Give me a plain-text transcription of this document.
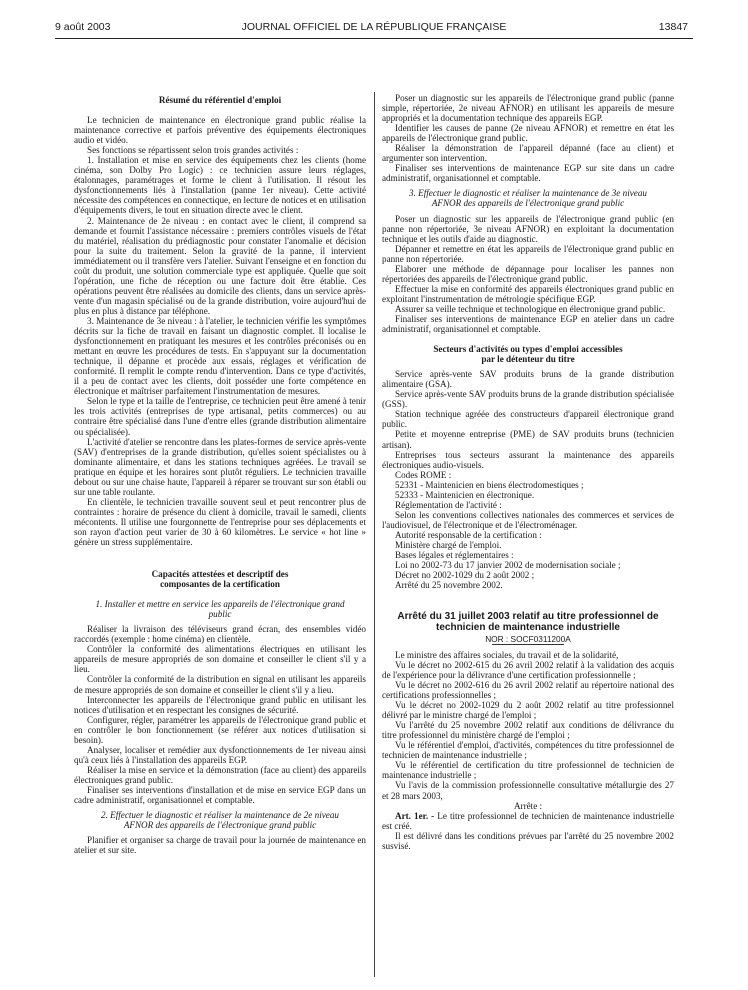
9 août 2003	JOURNAL OFFICIEL DE LA RÉPUBLIQUE FRANÇAISE	13847
Résumé du référentiel d'emploi

Le technicien de maintenance en électronique grand public réalise la maintenance corrective et parfois préventive des équipements électroniques audio et vidéo.

Ses fonctions se répartissent selon trois grandes activités :

1. Installation et mise en service des équipements chez les clients (home cinéma, son Dolby Pro Logic) : ce technicien assure leurs réglages, étalonnages, paramétrages et forme le client à l'utilisation. Il résout les dysfonctionnements liés à l'installation (panne 1er niveau). Cette activité nécessite des compétences en connectique, en lecture de notices et en utilisation d'équipements divers, le tout en situation directe avec le client.

2. Maintenance de 2e niveau : en contact avec le client, il comprend sa demande et fournit l'assistance nécessaire : premiers contrôles visuels de l'état du matériel, réalisation du prédiagnostic pour constater l'anomalie et décision pour la suite du traitement. Selon la gravité de la panne, il intervient immédiatement ou il transfère vers l'atelier. Suivant l'enseigne et en fonction du coût du produit, une solution commerciale type est appliquée. Quelle que soit l'opération, une fiche de réception ou une facture doit être établie. Ces opérations peuvent être réalisées au domicile des clients, dans un service après-vente d'un magasin spécialisé ou de la grande distribution, voire aujourd'hui de plus en plus à distance par téléphone.

3. Maintenance de 3e niveau : à l'atelier, le technicien vérifie les symptômes décrits sur la fiche de travail en faisant un diagnostic complet. Il localise le dysfonctionnement en pratiquant les mesures et les contrôles préconisés ou en mettant en œuvre les procédures de tests. En s'appuyant sur la documentation technique, il dépanne et procède aux essais, réglages et vérification de conformité. Il remplit le compte rendu d'intervention. Dans ce type d'activités, il a peu de contact avec les clients, doit posséder une forte compétence en électronique et maîtriser parfaitement l'instrumentation de mesures.

Selon le type et la taille de l'entreprise, ce technicien peut être amené à tenir les trois activités (entreprises de type artisanal, petits commerces) ou au contraire être spécialisé dans l'une d'entre elles (grande distribution alimentaire ou spécialisée).

L'activité d'atelier se rencontre dans les plates-formes de service après-vente (SAV) d'entreprises de la grande distribution, qu'elles soient spécialistes ou à dominante alimentaire, et dans les stations techniques agréées. Le travail se pratique en équipe et les horaires sont plutôt réguliers. Le technicien travaille debout ou sur une chaise haute, l'appareil à réparer se trouvant sur son établi ou sur une table roulante.

En clientèle, le technicien travaille souvent seul et peut rencontrer plus de contraintes : horaire de présence du client à domicile, travail le samedi, clients mécontents. Il utilise une fourgonnette de l'entreprise pour ses déplacements et son rayon d'action peut varier de 30 à 60 kilomètres. Le service « hot line » génère un stress supplémentaire.

Capacités attestées et descriptif des composantes de la certification

1. Installer et mettre en service les appareils de l'électronique grand public

Réaliser la livraison des téléviseurs grand écran, des ensembles vidéo raccordés (exemple : home cinéma) en clientèle.

Contrôler la conformité des alimentations électriques en utilisant les appareils de mesure appropriés de son domaine et conseiller le client s'il y a lieu.

Contrôler la conformité de la distribution en signal en utilisant les appareils de mesure appropriés de son domaine et conseiller le client s'il y a lieu.

Interconnecter les appareils de l'électronique grand public en utilisant les notices d'utilisation et en respectant les consignes de sécurité.

Configurer, régler, paramétrer les appareils de l'électronique grand public et en contrôler le bon fonctionnement (se référer aux notices d'utilisation si besoin).

Analyser, localiser et remédier aux dysfonctionnements de 1er niveau ainsi qu'à ceux liés à l'installation des appareils EGP.

Réaliser la mise en service et la démonstration (face au client) des appareils électroniques grand public.

Finaliser ses interventions d'installation et de mise en service EGP dans un cadre administratif, organisationnel et comptable.

2. Effectuer le diagnostic et réaliser la maintenance de 2e niveau AFNOR des appareils de l'électronique grand public

Planifier et organiser sa charge de travail pour la journée de maintenance en atelier et sur site.

Poser un diagnostic sur les appareils de l'électronique grand public (panne simple, répertoriée, 2e niveau AFNOR) en utilisant les appareils de mesure appropriés et la documentation technique des appareils EGP.

Identifier les causes de panne (2e niveau AFNOR) et remettre en état les appareils de l'électronique grand public.

Réaliser la démonstration de l'appareil dépanné (face au client) et argumenter son intervention.

Finaliser ses interventions de maintenance EGP sur site dans un cadre administratif, organisationnel et comptable.

3. Effectuer le diagnostic et réaliser la maintenance de 3e niveau AFNOR des appareils de l'électronique grand public

Poser un diagnostic sur les appareils de l'électronique grand public (en panne non répertoriée, 3e niveau AFNOR) en exploitant la documentation technique et les outils d'aide au diagnostic.

Dépanner et remettre en état les appareils de l'électronique grand public en panne non répertoriée.

Elaborer une méthode de dépannage pour localiser les pannes non répertoriées des appareils de l'électronique grand public.

Effectuer la mise en conformité des appareils électroniques grand public en exploitant l'instrumentation de métrologie spécifique EGP.

Assurer sa veille technique et technologique en électronique grand public.

Finaliser ses interventions de maintenance EGP en atelier dans un cadre administratif, organisationnel et comptable.

Secteurs d'activités ou types d'emploi accessibles par le détenteur du titre

Service après-vente SAV produits bruns de la grande distribution alimentaire (GSA).

Service après-vente SAV produits bruns de la grande distribution spécialisée (GSS).

Station technique agréée des constructeurs d'appareil électronique grand public.

Petite et moyenne entreprise (PME) de SAV produits bruns (technicien artisan).

Entreprises tous secteurs assurant la maintenance des appareils électroniques audio-visuels.

Codes ROME :

52331 - Maintenicien en biens électrodomestiques ;

52333 - Maintenicien en électronique.

Réglementation de l'activité :

Selon les conventions collectives nationales des commerces et services de l'audiovisuel, de l'électronique et de l'électroménager.

Autorité responsable de la certification :

Ministère chargé de l'emploi.

Bases légales et réglementaires :

Loi no 2002-73 du 17 janvier 2002 de modernisation sociale ;

Décret no 2002-1029 du 2 août 2002 ;

Arrêté du 25 novembre 2002.

Arrêté du 31 juillet 2003 relatif au titre professionnel de technicien de maintenance industrielle

NOR : SOCF0311200A

Le ministre des affaires sociales, du travail et de la solidarité,

Vu le décret no 2002-615 du 26 avril 2002 relatif à la validation des acquis de l'expérience pour la délivrance d'une certification professionnelle ;

Vu le décret no 2002-616 du 26 avril 2002 relatif au répertoire national des certifications professionnelles ;

Vu le décret no 2002-1029 du 2 août 2002 relatif au titre professionnel délivré par le ministre chargé de l'emploi ;

Vu l'arrêté du 25 novembre 2002 relatif aux conditions de délivrance du titre professionnel du ministère chargé de l'emploi ;

Vu le référentiel d'emploi, d'activités, compétences du titre professionnel de technicien de maintenance industrielle ;

Vu le référentiel de certification du titre professionnel de technicien de maintenance industrielle ;

Vu l'avis de la commission professionnelle consultative métallurgie des 27 et 28 mars 2003,

Arrête :

Art. 1er. - Le titre professionnel de technicien de maintenance industrielle est créé.

Il est délivré dans les conditions prévues par l'arrêté du 25 novembre 2002 susvisé.
